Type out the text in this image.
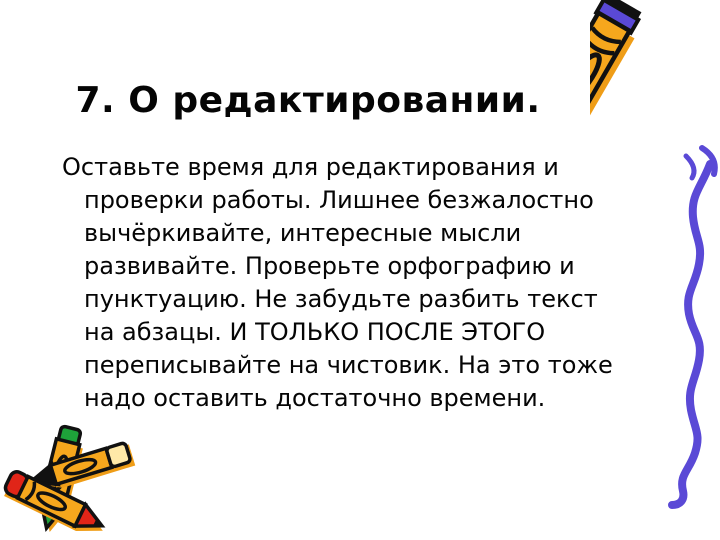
7. О редактировании.
Оставьте время для редактирования и
проверки работы. Лишнее безжалостно
вычёркивайте, интересные мысли
развивайте. Проверьте орфографию и
пунктуацию. Не забудьте разбить текст
на абзацы. И ТОЛЬКО ПОСЛЕ ЭТОГО
переписывайте на чистовик. На это тоже
надо оставить достаточно времени.
